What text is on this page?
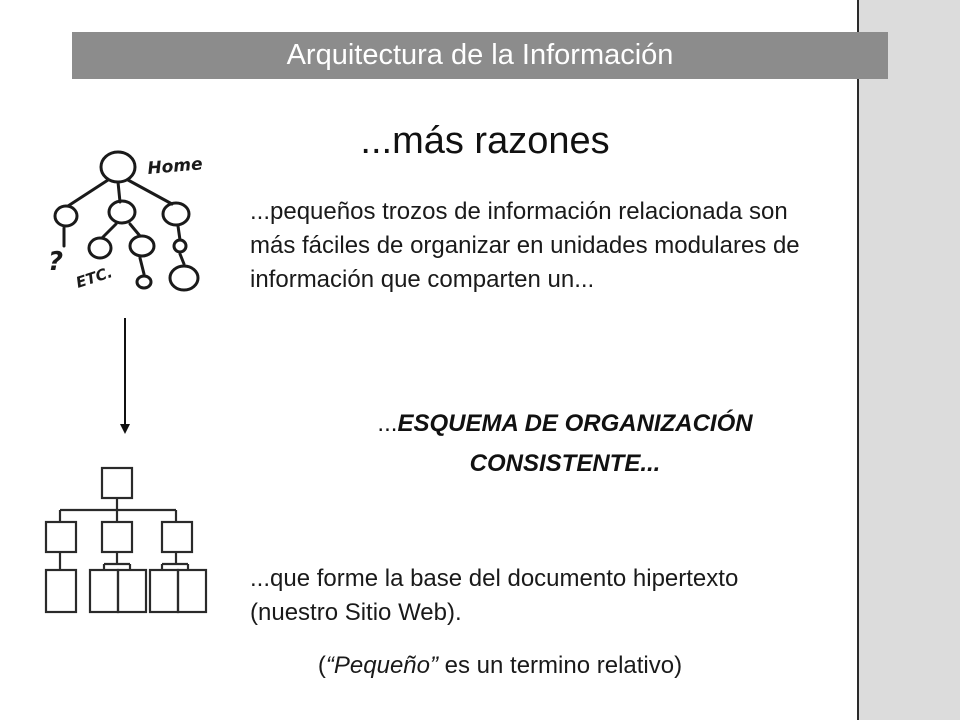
Arquitectura de la Información
...más razones
Home
ETC.
?
...pequeños trozos de información relacionada son más fáciles de organizar en unidades modulares de información que comparten un...
...ESQUEMA DE ORGANIZACIÓN CONSISTENTE...
...que forme la base del documento hipertexto (nuestro Sitio Web).
(“Pequeño” es un termino relativo)
